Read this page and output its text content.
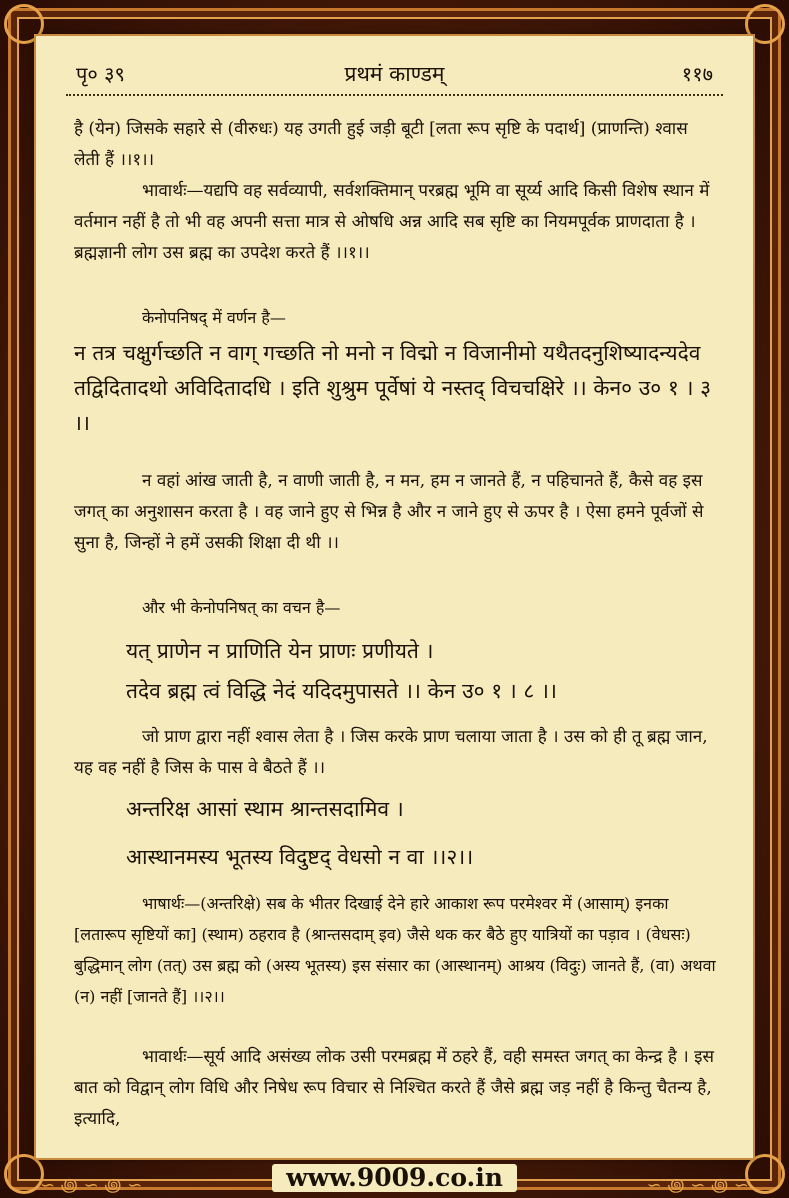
पृ० ३९	प्रथमं काण्डम्	११७
है (येन) जिसके सहारे से (वीरुधः) यह उगती हुई जड़ी बूटी [लता रूप सृष्टि के पदार्थ] (प्राणन्ति) श्वास लेती हैं ।।१।।
भावार्थः—यद्यपि वह सर्वव्यापी, सर्वशक्तिमान् परब्रह्म भूमि वा सूर्य्य आदि किसी विशेष स्थान में वर्तमान नहीं है तो भी वह अपनी सत्ता मात्र से ओषधि अन्न आदि सब सृष्टि का नियमपूर्वक प्राणदाता है । ब्रह्मज्ञानी लोग उस ब्रह्म का उपदेश करते हैं ।।१।।
केनोपनिषद् में वर्णन है—
न तत्र चक्षुर्गच्छति न वाग् गच्छति नो मनो न विद्मो न विजानीमो यथैतदनुशिष्यादन्यदेव तद्विदितादथो अविदितादधि । इति शुश्रुम पूर्वेषां ये नस्तद् विचचक्षिरे ।। केन० उ० १ । ३ ।।
न वहां आंख जाती है, न वाणी जाती है, न मन, हम न जानते हैं, न पहिचानते हैं, कैसे वह इस जगत् का अनुशासन करता है । वह जाने हुए से भिन्न है और न जाने हुए से ऊपर है । ऐसा हमने पूर्वजों से सुना है, जिन्हों ने हमें उसकी शिक्षा दी थी ।।
और भी केनोपनिषत् का वचन है—
यत् प्राणेन न प्राणिति येन प्राणः प्रणीयते ।
तदेव ब्रह्म त्वं विद्धि नेदं यदिदमुपासते ।। केन उ० १ । ८ ।।
जो प्राण द्वारा नहीं श्वास लेता है । जिस करके प्राण चलाया जाता है । उस को ही तू ब्रह्म जान, यह वह नहीं है जिस के पास वे बैठते हैं ।।
अन्तरिक्ष आसां स्थाम श्रान्तसदामिव ।
आस्थानमस्य भूतस्य विदुष्टद् वेधसो न वा ।।२।।
भाषार्थः—(अन्तरिक्षे) सब के भीतर दिखाई देने हारे आकाश रूप परमेश्वर में (आसाम्) इनका [लतारूप सृष्टियों का] (स्थाम) ठहराव है (श्रान्तसदाम् इव) जैसे थक कर बैठे हुए यात्रियों का पड़ाव । (वेधसः) बुद्धिमान् लोग (तत्) उस ब्रह्म को (अस्य भूतस्य) इस संसार का (आस्थानम्) आश्रय (विदुः) जानते हैं, (वा) अथवा (न) नहीं [जानते हैं] ।।२।।
भावार्थः—सूर्य आदि असंख्य लोक उसी परमब्रह्म में ठहरे हैं, वही समस्त जगत् का केन्द्र है । इस बात को विद्वान् लोग विधि और निषेध रूप विचार से निश्चित करते हैं जैसे ब्रह्म जड़ नहीं है किन्तु चैतन्य है, इत्यादि,
∽ ꩜ ∽ ꩜ ∽	www.9009.co.in	∽ ꩜ ∽ ꩜ ∽
